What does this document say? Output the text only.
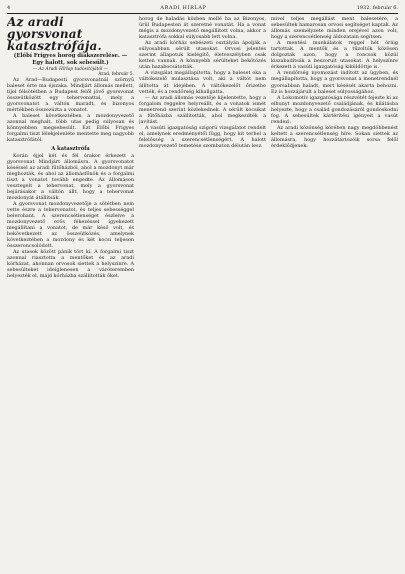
4	ARADI HÍRLAP	1932. február 6.
Az aradi gyorsvonat katasztrófája.
(Előbí Frigyes horog diákszerelése. —
Egy halott, sok sebesült.)
— Az Aradi Hírlap tudósítójától —
Arad, február 5.

Az Arad—Budapesti gyorsvonatnál szörnyű baleset érte ma éjszaka. Mindjárt állomás mellett, tíjel félsötétben a Budapest felől jövő gyorsvonat összeütközött egy tehervonattal, mely a gyorsvonatot a váltón maradt, és bizonyos mértékben összezúzta a vonatot.

A baleset következtében a mozdonyvezető azonnal meghalt, több utas pedig súlyosan és könnyebben megsebesült. Ezt Előbí Frigyes forgalmi tiszt lélekjelenléte mentette meg nagyobb katasztrófától.

A katasztrófa

Korán éjjel két és fél órakor érkezett a gyorsvonat Mindjárt állomásra. A gyorsvonatot késéssel az aradi fűtőházból, ahol a mozdonyt már meghozták, és ahol az állomásfőnök és a forgalmi tiszt a vonatot tovább engedte. Az állomáson vesztegelt a tehervonat, mely a gyorsvonat bejárásakor a váltón állt, hogy a tehervonat mozdonyát átállítsák.

A gyorsvonat mozdonyvezetője a sötétben nem vette észre a tehervonatot, és teljes sebességgel belerohant. A szerencsétlenséget észlelve a mozdonyvezető erős fékezéssel igyekezett megállítani a vonatot, de már késő volt, és bekövetkezett az összeütközés, amelynek következtében a mozdony és két kocsi teljesen összeroncsolódott.

Az utasok között pánik tört ki. A forgalmi tiszt azonnal riasztotta a mentőket és az aradi kórházat, ahonnan orvosok siettek a helyszínre. A sebesülteket ideiglenesen a váróteremben helyezték el, majd kórházba szállították őket.

horog de haladás közben mellé ha az Bizonyos, ürül Budapesten át szeretné vonatát. Ha a vonat mégis a mozdonyvezető megállított volna, akkor a katasztrófa sokkal súlyosabb lett volna.

Az aradi kórház sebészeti osztályán ápolják a súlyosabban sérült utasokat. Orvosi jelentés szerint állapotuk kielégítő, életveszélyben csak ketten vannak. A könnyebb sérülteket bekötözés után hazabocsátották.

A vizsgálat megállapította, hogy a baleset oka a váltókezelő mulasztása volt, aki a váltót nem állította át idejében. A váltókezelőt őrizetbe vették, és a rendőrség kihallgatta.

— Az aradi állomás vezetője kijelentette, hogy a forgalom reggelre helyreállt, és a vonatok ismét menetrend szerint közlekednek. A sérült kocsikat a fűtőházba szállították, ahol megkezdték a javítást.

A vasúti igazgatóság szigorú vizsgálatot rendelt el, amelynek eredményétől függ, hogy kit terhel a felelősség a szerencsétlenségért. A halott mozdonyvezető temetése szombaton délután lesz.

mivel teljes megállást ment balesetére, a sebesültek hamarosan orvosi segítséget kaptak. Az állomás személyzete minden erejével azon volt, hogy a szerencsétlenség áldozatain segítsen.

A mentési munkálatok reggel hét óráig tartottak. A mentők és a tűzoltók közösen dolgoztak azon, hogy a roncsok közül kiszabadítsák a beszorult utasokat. A helyszínre érkezett a vasúti igazgatóság kiküldöttje is.

A rendőrség nyomozást indított az ügyben, és megállapította, hogy a gyorsvonat a menetrendnél gyorsabban haladt, mert késését akarta behozni. Ez is hozzájárult a baleset súlyosságához.

A Lokomotív igazgatósága részvétét fejezte ki az elhunyt mozdonyvezető családjának, és kilátásba helyezte, hogy a család gondozásáról gondoskodni fog. A sebesültek kártérítési igényeit a vasút rendezi.

Az aradi közönség körében nagy megdöbbenést keltett a szerencsétlenség híre. Sokan siettek az állomásra, hogy hozzátartozóik sorsa felől érdeklődjenek.
